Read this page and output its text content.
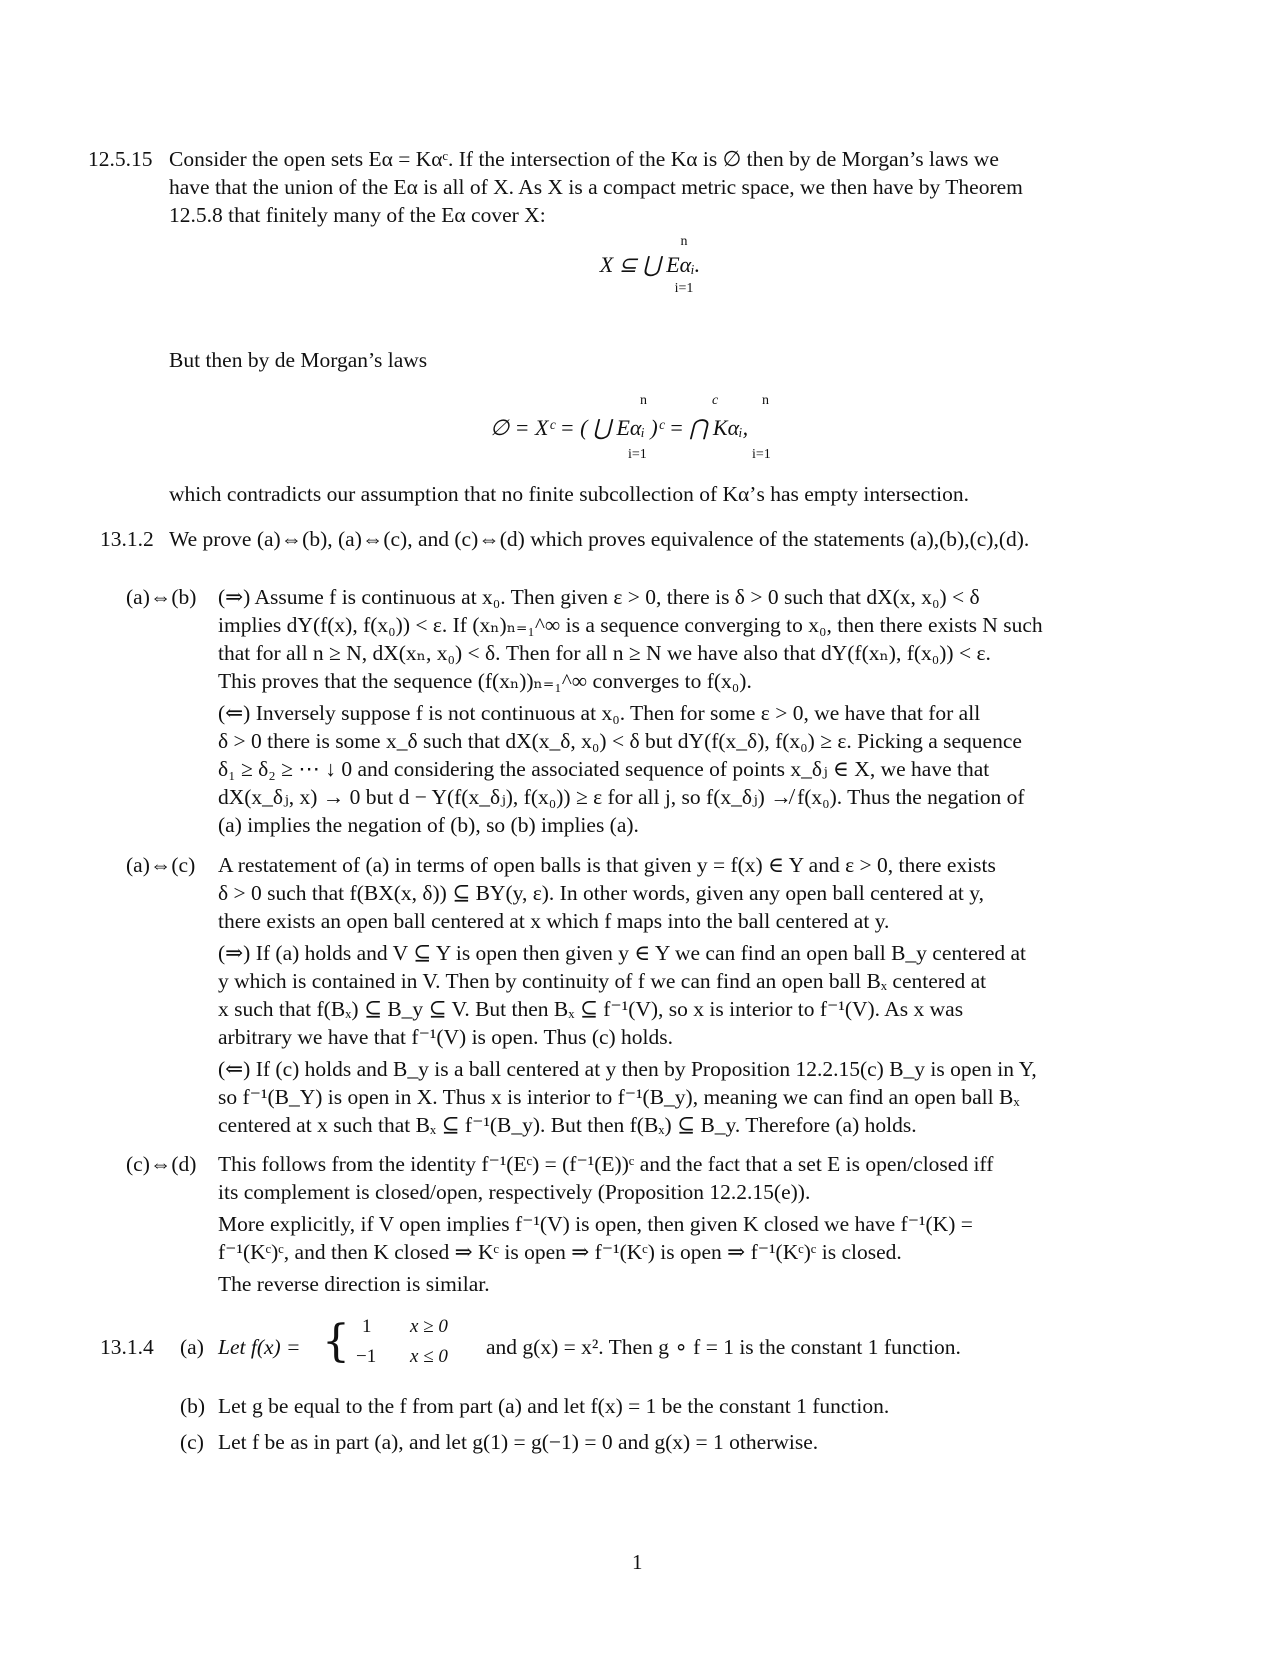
12.5.15 Consider the open sets Eα = Kαᶜ. If the intersection of the Kα is ∅ then by de Morgan’s laws we
have that the union of the Eα is all of X. As X is a compact metric space, we then have by Theorem
12.5.8 that finitely many of the Eα cover X:
n
X ⊆ ⋃ Eαᵢ.
i=1
But then by de Morgan’s laws
n	c	n
∅ = Xᶜ = ( ⋃ Eαᵢ )ᶜ = ⋂ Kαᵢ,
i=1	i=1
which contradicts our assumption that no finite subcollection of Kα’s has empty intersection.
13.1.2 We prove (a)⇔(b), (a)⇔(c), and (c)⇔(d) which proves equivalence of the statements (a),(b),(c),(d).
(a)⇔(b) (⇒) Assume f is continuous at x₀. Then given ε > 0, there is δ > 0 such that dX(x, x₀) < δ
implies dY(f(x), f(x₀)) < ε. If (xₙ)ₙ₌₁^∞ is a sequence converging to x₀, then there exists N such
that for all n ≥ N, dX(xₙ, x₀) < δ. Then for all n ≥ N we have also that dY(f(xₙ), f(x₀)) < ε.
This proves that the sequence (f(xₙ))ₙ₌₁^∞ converges to f(x₀).
(⇐) Inversely suppose f is not continuous at x₀. Then for some ε > 0, we have that for all
δ > 0 there is some x_δ such that dX(x_δ, x₀) < δ but dY(f(x_δ), f(x₀) ≥ ε. Picking a sequence
δ₁ ≥ δ₂ ≥ ⋯ ↓ 0 and considering the associated sequence of points x_δⱼ ∈ X, we have that
dX(x_δⱼ, x) → 0 but d − Y(f(x_δⱼ), f(x₀)) ≥ ε for all j, so f(x_δⱼ) ↛ f(x₀). Thus the negation of
(a) implies the negation of (b), so (b) implies (a).
(a)⇔(c) A restatement of (a) in terms of open balls is that given y = f(x) ∈ Y and ε > 0, there exists
δ > 0 such that f(BX(x, δ)) ⊆ BY(y, ε). In other words, given any open ball centered at y,
there exists an open ball centered at x which f maps into the ball centered at y.
(⇒) If (a) holds and V ⊆ Y is open then given y ∈ Y we can find an open ball B_y centered at
y which is contained in V. Then by continuity of f we can find an open ball Bₓ centered at
x such that f(Bₓ) ⊆ B_y ⊆ V. But then Bₓ ⊆ f⁻¹(V), so x is interior to f⁻¹(V). As x was
arbitrary we have that f⁻¹(V) is open. Thus (c) holds.
(⇐) If (c) holds and B_y is a ball centered at y then by Proposition 12.2.15(c) B_y is open in Y,
so f⁻¹(B_Y) is open in X. Thus x is interior to f⁻¹(B_y), meaning we can find an open ball Bₓ
centered at x such that Bₓ ⊆ f⁻¹(B_y). But then f(Bₓ) ⊆ B_y. Therefore (a) holds.
(c)⇔(d) This follows from the identity f⁻¹(Eᶜ) = (f⁻¹(E))ᶜ and the fact that a set E is open/closed iff
its complement is closed/open, respectively (Proposition 12.2.15(e)).
More explicitly, if V open implies f⁻¹(V) is open, then given K closed we have f⁻¹(K) =
f⁻¹(Kᶜ)ᶜ, and then K closed ⇒ Kᶜ is open ⇒ f⁻¹(Kᶜ) is open ⇒ f⁻¹(Kᶜ)ᶜ is closed.
The reverse direction is similar.
13.1.4 (a) Let f(x) = { 1 x ≥ 0
−1 x ≤ 0 and g(x) = x². Then g ∘ f = 1 is the constant 1 function.
(b) Let g be equal to the f from part (a) and let f(x) = 1 be the constant 1 function.
(c) Let f be as in part (a), and let g(1) = g(−1) = 0 and g(x) = 1 otherwise.
1
